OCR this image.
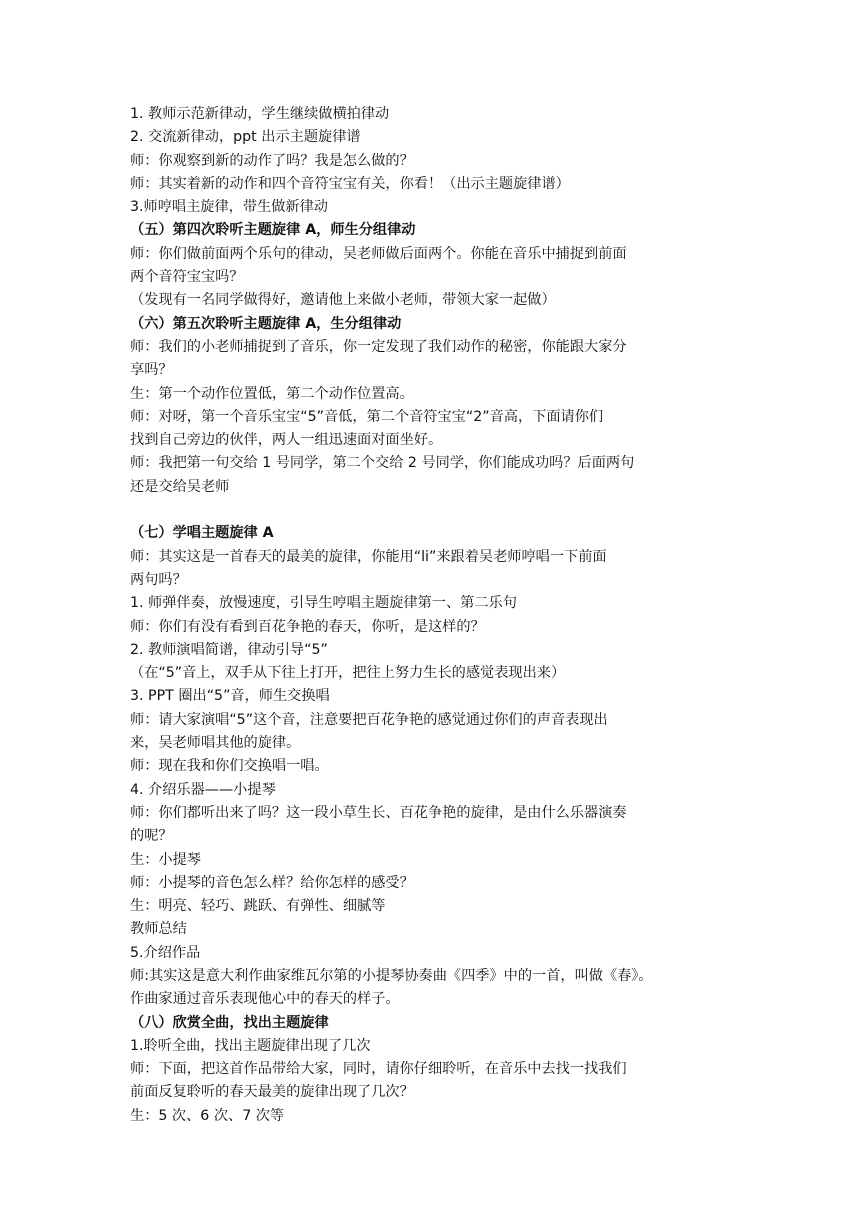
1. 教师示范新律动，学生继续做横拍律动
2. 交流新律动，ppt 出示主题旋律谱
师：你观察到新的动作了吗？我是怎么做的？
师：其实着新的动作和四个音符宝宝有关，你看！（出示主题旋律谱）
3.师哼唱主旋律，带生做新律动
（五）第四次聆听主题旋律 A，师生分组律动
师：你们做前面两个乐句的律动，吴老师做后面两个。你能在音乐中捕捉到前面
两个音符宝宝吗？
（发现有一名同学做得好，邀请他上来做小老师，带领大家一起做）
（六）第五次聆听主题旋律 A，生分组律动
师：我们的小老师捕捉到了音乐，你一定发现了我们动作的秘密，你能跟大家分
享吗？
生：第一个动作位置低，第二个动作位置高。
师：对呀，第一个音乐宝宝“5”音低，第二个音符宝宝“2”音高，下面请你们
找到自己旁边的伙伴，两人一组迅速面对面坐好。
师：我把第一句交给 1 号同学，第二个交给 2 号同学，你们能成功吗？后面两句
还是交给吴老师
（七）学唱主题旋律 A
师：其实这是一首春天的最美的旋律，你能用“li”来跟着吴老师哼唱一下前面
两句吗？
1. 师弹伴奏，放慢速度，引导生哼唱主题旋律第一、第二乐句
师：你们有没有看到百花争艳的春天，你听，是这样的？
2. 教师演唱简谱，律动引导“5”
（在“5”音上，双手从下往上打开，把往上努力生长的感觉表现出来）
3. PPT 圈出“5”音，师生交换唱
师：请大家演唱“5”这个音，注意要把百花争艳的感觉通过你们的声音表现出
来，吴老师唱其他的旋律。
师：现在我和你们交换唱一唱。
4. 介绍乐器——小提琴
师：你们都听出来了吗？这一段小草生长、百花争艳的旋律，是由什么乐器演奏
的呢？
生：小提琴
师：小提琴的音色怎么样？给你怎样的感受？
生：明亮、轻巧、跳跃、有弹性、细腻等
教师总结
5.介绍作品
师:其实这是意大利作曲家维瓦尔第的小提琴协奏曲《四季》中的一首，叫做《春》。
作曲家通过音乐表现他心中的春天的样子。
（八）欣赏全曲，找出主题旋律
1.聆听全曲，找出主题旋律出现了几次
师：下面，把这首作品带给大家，同时，请你仔细聆听，在音乐中去找一找我们
前面反复聆听的春天最美的旋律出现了几次？
生：5 次、6 次、7 次等
